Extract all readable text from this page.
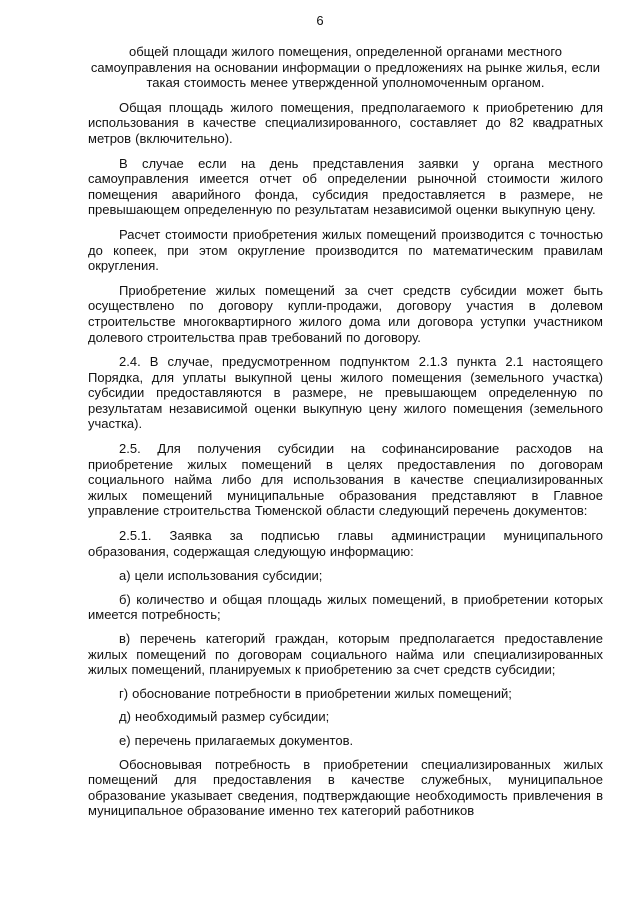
6

общей площади жилого помещения, определенной органами местного самоуправления на основании информации о предложениях на рынке жилья, если такая стоимость менее утвержденной уполномоченным органом.

Общая площадь жилого помещения, предполагаемого к приобретению для использования в качестве специализированного, составляет до 82 квадратных метров (включительно).

В случае если на день представления заявки у органа местного самоуправления имеется отчет об определении рыночной стоимости жилого помещения аварийного фонда, субсидия предоставляется в размере, не превышающем определенную по результатам независимой оценки выкупную цену.

Расчет стоимости приобретения жилых помещений производится с точностью до копеек, при этом округление производится по математическим правилам округления.

Приобретение жилых помещений за счет средств субсидии может быть осуществлено по договору купли-продажи, договору участия в долевом строительстве многоквартирного жилого дома или договора уступки участником долевого строительства прав требований по договору.

2.4. В случае, предусмотренном подпунктом 2.1.3 пункта 2.1 настоящего Порядка, для уплаты выкупной цены жилого помещения (земельного участка) субсидии предоставляются в размере, не превышающем определенную по результатам независимой оценки выкупную цену жилого помещения (земельного участка).

2.5. Для получения субсидии на софинансирование расходов на приобретение жилых помещений в целях предоставления по договорам социального найма либо для использования в качестве специализированных жилых помещений муниципальные образования представляют в Главное управление строительства Тюменской области следующий перечень документов:

2.5.1. Заявка за подписью главы администрации муниципального образования, содержащая следующую информацию:

а) цели использования субсидии;

б) количество и общая площадь жилых помещений, в приобретении которых имеется потребность;

в) перечень категорий граждан, которым предполагается предоставление жилых помещений по договорам социального найма или специализированных жилых помещений, планируемых к приобретению за счет средств субсидии;

г) обоснование потребности в приобретении жилых помещений;

д) необходимый размер субсидии;

е) перечень прилагаемых документов.

Обосновывая потребность в приобретении специализированных жилых помещений для предоставления в качестве служебных, муниципальное образование указывает сведения, подтверждающие необходимость привлечения в муниципальное образование именно тех категорий работников
